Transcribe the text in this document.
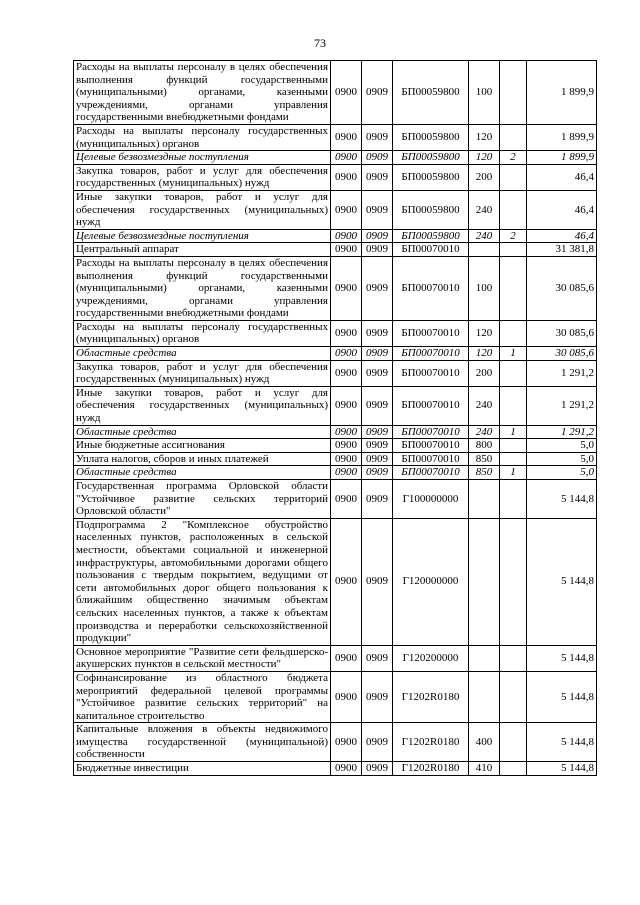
73
Расходы на выплаты персоналу в целях обеспечения выполнения функций государственными (муниципальными) органами, казенными учреждениями, органами управления государственными внебюджетными фондами	0900	0909	БП00059800	100		1 899,9
Расходы на выплаты персоналу государственных (муниципальных) органов	0900	0909	БП00059800	120		1 899,9
Целевые безвозмездные поступления	0900	0909	БП00059800	120	2	1 899,9
Закупка товаров, работ и услуг для обеспечения государственных (муниципальных) нужд	0900	0909	БП00059800	200		46,4
Иные закупки товаров, работ и услуг для обеспечения государственных (муниципальных) нужд	0900	0909	БП00059800	240		46,4
Целевые безвозмездные поступления	0900	0909	БП00059800	240	2	46,4
Центральный аппарат	0900	0909	БП00070010			31 381,8
Расходы на выплаты персоналу в целях обеспечения выполнения функций государственными (муниципальными) органами, казенными учреждениями, органами управления государственными внебюджетными фондами	0900	0909	БП00070010	100		30 085,6
Расходы на выплаты персоналу государственных (муниципальных) органов	0900	0909	БП00070010	120		30 085,6
Областные средства	0900	0909	БП00070010	120	1	30 085,6
Закупка товаров, работ и услуг для обеспечения государственных (муниципальных) нужд	0900	0909	БП00070010	200		1 291,2
Иные закупки товаров, работ и услуг для обеспечения государственных (муниципальных) нужд	0900	0909	БП00070010	240		1 291,2
Областные средства	0900	0909	БП00070010	240	1	1 291,2
Иные бюджетные ассигнования	0900	0909	БП00070010	800		5,0
Уплата налогов, сборов и иных платежей	0900	0909	БП00070010	850		5,0
Областные средства	0900	0909	БП00070010	850	1	5,0
Государственная программа Орловской области "Устойчивое развитие сельских территорий Орловской области"	0900	0909	Г100000000			5 144,8
Подпрограмма 2 "Комплексное обустройство населенных пунктов, расположенных в сельской местности, объектами социальной и инженерной инфраструктуры, автомобильными дорогами общего пользования с твердым покрытием, ведущими от сети автомобильных дорог общего пользования к ближайшим общественно значимым объектам сельских населенных пунктов, а также к объектам производства и переработки сельскохозяйственной продукции"	0900	0909	Г120000000			5 144,8
Основное мероприятие "Развитие сети фельдшерско-акушерских пунктов в сельской местности"	0900	0909	Г120200000			5 144,8
Софинансирование из областного бюджета мероприятий федеральной целевой программы "Устойчивое развитие сельских территорий" на капитальное строительство	0900	0909	Г1202R0180			5 144,8
Капитальные вложения в объекты недвижимого имущества государственной (муниципальной) собственности	0900	0909	Г1202R0180	400		5 144,8
Бюджетные инвестиции	0900	0909	Г1202R0180	410		5 144,8
